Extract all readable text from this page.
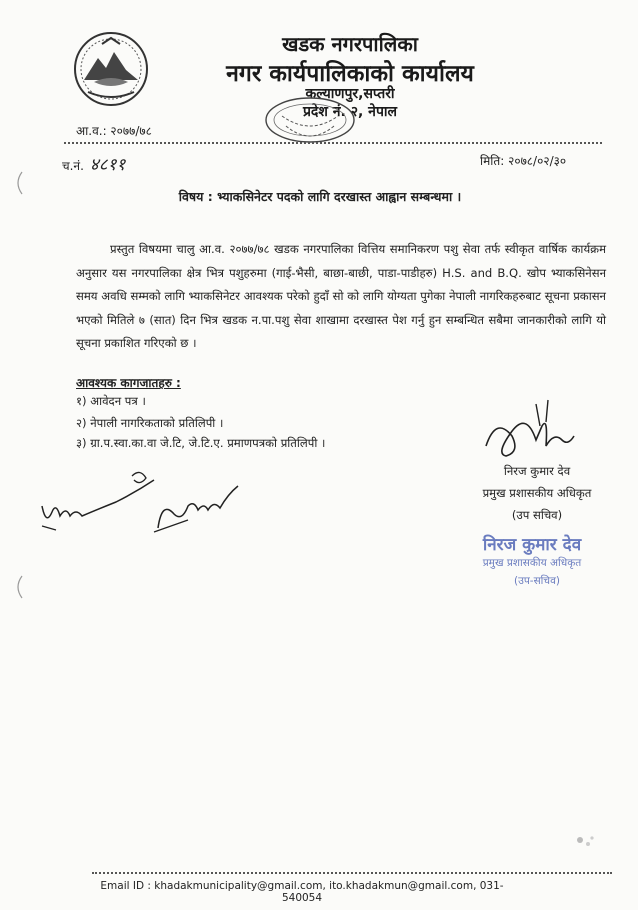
खडक नगरपालिका
नगर कार्यपालिकाको कार्यालय
कल्याणपुर,सप्तरी
प्रदेश नं. २, नेपाल
आ.व.: २०७७/७८
च.नं. ४८११	मिति: २०७८/०२/३०
विषय : भ्याकसिनेटर पदको लागि दरखास्त आह्वान सम्बन्धमा ।
प्रस्तुत विषयमा चालु आ.व. २०७७/७८ खडक नगरपालिका वित्तिय समानिकरण पशु सेवा तर्फ स्वीकृत वार्षिक कार्यक्रम अनुसार यस नगरपालिका क्षेत्र भित्र पशुहरुमा (गाई-भैसी, बाछा-बाछी, पाडा-पाडीहरु) H.S. and B.Q. खोप भ्याकसिनेसन समय अवधि सम्मको लागि भ्याकसिनेटर आवश्यक परेको हुदाँ सो को लागि योग्यता पुगेका नेपाली नागरिकहरुबाट सूचना प्रकासन भएको मितिले ७ (सात) दिन भित्र खडक न.पा.पशु सेवा शाखामा दरखास्त पेश गर्नु हुन सम्बन्धित सबैमा जानकारीको लागि यो सूचना प्रकाशित गरिएको छ ।
आवश्यक कागजातहरु :
१) आवेदन पत्र ।
२) नेपाली नागरिकताको प्रतिलिपी ।
३) ग्रा.प.स्वा.का.वा जे.टि, जे.टि.ए. प्रमाणपत्रको प्रतिलिपी ।
निरज कुमार देव
प्रमुख प्रशासकीय अधिकृत
(उप सचिव)
निरज कुमार देव
प्रमुख प्रशासकीय अधिकृत
(उप-सचिव)
Email ID : khadakmunicipality@gmail.com, ito.khadakmun@gmail.com, 031-540054
